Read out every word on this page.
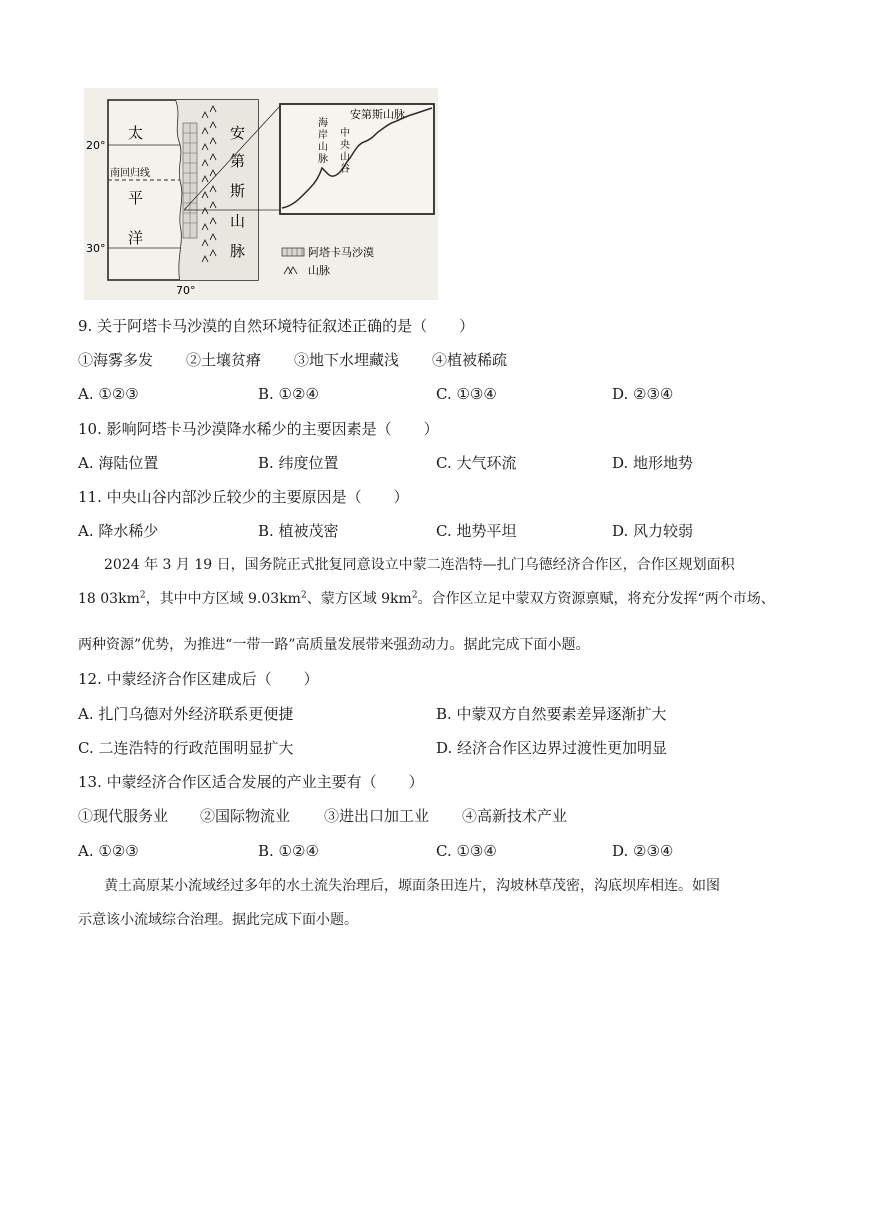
20°
30°
南回归线
70°
太
平
洋
安
第
斯
山
脉
安第斯山脉
海
岸
山
脉
中
央
山
谷
阿塔卡马沙漠
山脉
9. 关于阿塔卡马沙漠的自然环境特征叙述正确的是（ ）
①海雾多发 ②土壤贫瘠 ③地下水埋藏浅 ④植被稀疏
A. ①②③	B. ①②④	C. ①③④	D. ②③④
10. 影响阿塔卡马沙漠降水稀少的主要因素是（ ）
A. 海陆位置	B. 纬度位置	C. 大气环流	D. 地形地势
11. 中央山谷内部沙丘较少的主要原因是（ ）
A. 降水稀少	B. 植被茂密	C. 地势平坦	D. 风力较弱
2024 年 3 月 19 日，国务院正式批复同意设立中蒙二连浩特—扎门乌德经济合作区，合作区规划面积
18 $03km^2$，其中中方区域 $9.03km^2$、蒙方区域 $9km^2$。合作区立足中蒙双方资源禀赋，将充分发挥“两个市场、
两种资源”优势，为推进“一带一路”高质量发展带来强劲动力。据此完成下面小题。
12. 中蒙经济合作区建成后（ ）
A. 扎门乌德对外经济联系更便捷	B. 中蒙双方自然要素差异逐渐扩大
C. 二连浩特的行政范围明显扩大	D. 经济合作区边界过渡性更加明显
13. 中蒙经济合作区适合发展的产业主要有（ ）
①现代服务业 ②国际物流业 ③进出口加工业 ④高新技术产业
A. ①②③	B. ①②④	C. ①③④	D. ②③④
黄土高原某小流域经过多年的水土流失治理后，塬面条田连片，沟坡林草茂密，沟底坝库相连。如图
示意该小流域综合治理。据此完成下面小题。
